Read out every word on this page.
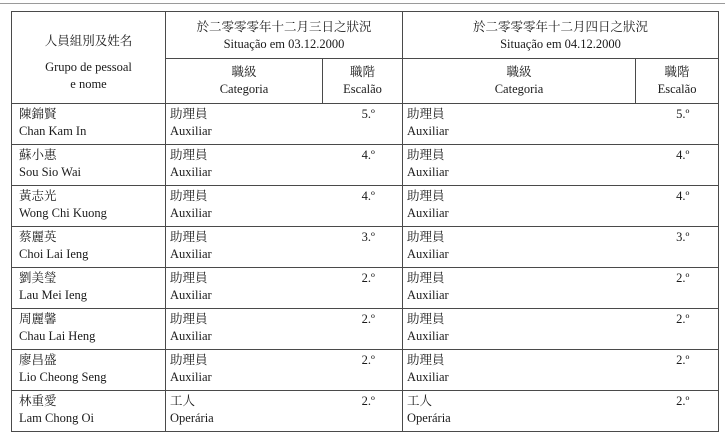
人員組別及姓名
Grupo de pessoal
e nome	於二零零零年十二月三日之狀況
Situação em 03.12.2000		於二零零零年十二月四日之狀況
Situação em 04.12.2000	

	職級
Categoria	職階
Escalão	職級
Categoria	職階
Escalão

陳錦賢
Chan Kam In	助理員
Auxiliar	5.º	助理員
Auxiliar	5.º

蘇小惠
Sou Sio Wai	助理員
Auxiliar	4.º	助理員
Auxiliar	4.º

黃志光
Wong Chi Kuong	助理員
Auxiliar	4.º	助理員
Auxiliar	4.º

蔡麗英
Choi Lai Ieng	助理員
Auxiliar	3.º	助理員
Auxiliar	3.º

劉美瑩
Lau Mei Ieng	助理員
Auxiliar	2.º	助理員
Auxiliar	2.º

周麗馨
Chau Lai Heng	助理員
Auxiliar	2.º	助理員
Auxiliar	2.º

廖昌盛
Lio Cheong Seng	助理員
Auxiliar	2.º	助理員
Auxiliar	2.º

林重愛
Lam Chong Oi	工人
Operária	2.º	工人
Operária	2.º
